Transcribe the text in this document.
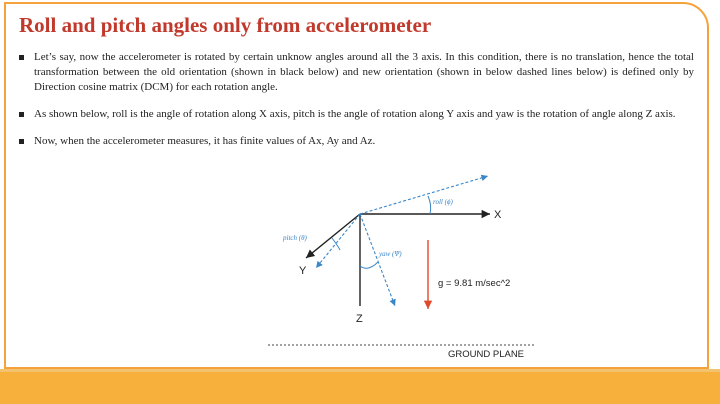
Roll and pitch angles only from accelerometer
Let’s say, now the accelerometer is rotated by certain unknow angles around all the 3 axis. In this condition, there is no translation, hence the total transformation between the old orientation (shown in black below) and new orientation (shown in below dashed lines below) is defined only by Direction cosine matrix (DCM) for each rotation angle.
As shown below, roll is the angle of rotation along X axis, pitch is the angle of rotation along Y axis and yaw is the rotation of angle along Z axis.
Now, when the accelerometer measures, it has finite values of Ax, Ay and Az.
X
Y
Z
roll (ϕ)
pitch (θ)
yaw (Ψ)
g = 9.81 m/sec^2
GROUND PLANE
